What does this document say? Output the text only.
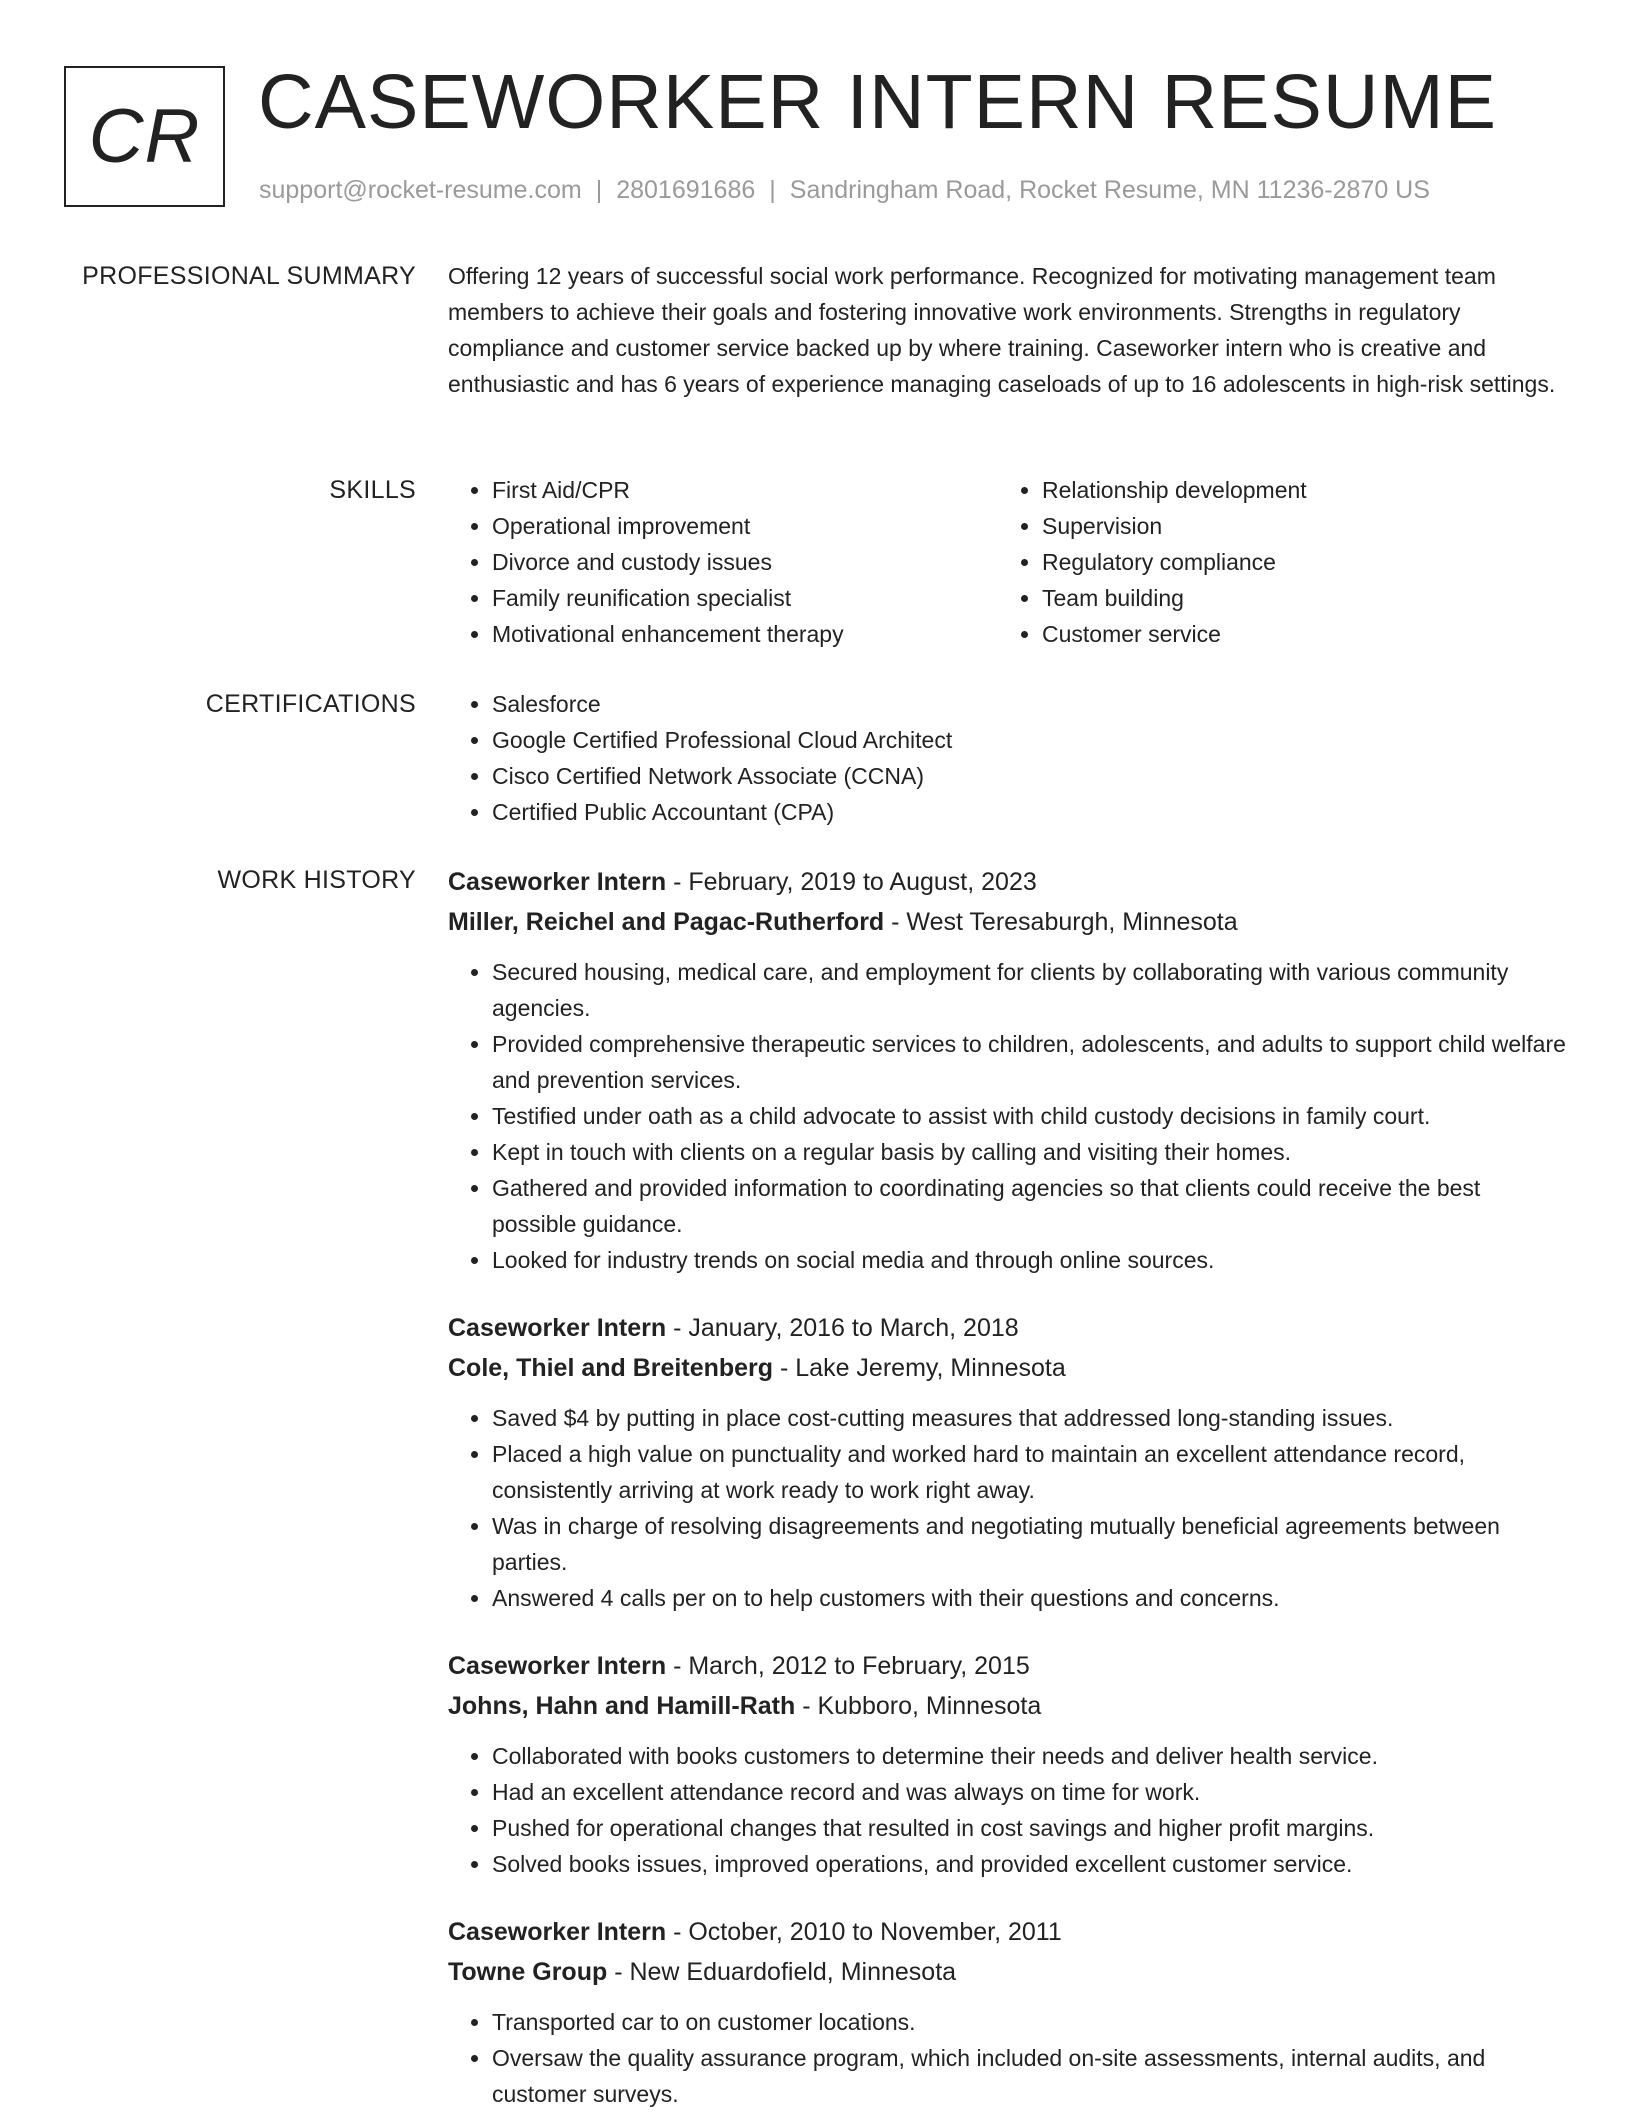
CR CASEWORKER INTERN RESUME
support@rocket-resume.com | 2801691686 | Sandringham Road, Rocket Resume, MN 11236-2870 US
PROFESSIONAL SUMMARY Offering 12 years of successful social work performance. Recognized for motivating management team members to achieve their goals and fostering innovative work environments. Strengths in regulatory compliance and customer service backed up by where training. Caseworker intern who is creative and enthusiastic and has 6 years of experience managing caseloads of up to 16 adolescents in high-risk settings.

SKILLS	• First Aid/CPR
• Operational improvement
• Divorce and custody issues
• Family reunification specialist
• Motivational enhancement therapy
• Relationship development
• Supervision
• Regulatory compliance
• Team building
• Customer service
CERTIFICATIONS	• Salesforce
• Google Certified Professional Cloud Architect
• Cisco Certified Network Associate (CCNA)
• Certified Public Accountant (CPA)
WORK HISTORY Caseworker Intern - February, 2019 to August, 2023
Miller, Reichel and Pagac-Rutherford - West Teresaburgh, Minnesota
• Secured housing, medical care, and employment for clients by collaborating with various community agencies.
• Provided comprehensive therapeutic services to children, adolescents, and adults to support child welfare and prevention services.
• Testified under oath as a child advocate to assist with child custody decisions in family court.
• Kept in touch with clients on a regular basis by calling and visiting their homes.
• Gathered and provided information to coordinating agencies so that clients could receive the best possible guidance.
• Looked for industry trends on social media and through online sources.
Caseworker Intern - January, 2016 to March, 2018
Cole, Thiel and Breitenberg - Lake Jeremy, Minnesota
• Saved $4 by putting in place cost-cutting measures that addressed long-standing issues.
• Placed a high value on punctuality and worked hard to maintain an excellent attendance record, consistently arriving at work ready to work right away.
• Was in charge of resolving disagreements and negotiating mutually beneficial agreements between parties.
• Answered 4 calls per on to help customers with their questions and concerns.
Caseworker Intern - March, 2012 to February, 2015
Johns, Hahn and Hamill-Rath - Kubboro, Minnesota
• Collaborated with books customers to determine their needs and deliver health service.
• Had an excellent attendance record and was always on time for work.
• Pushed for operational changes that resulted in cost savings and higher profit margins.
• Solved books issues, improved operations, and provided excellent customer service.
Caseworker Intern - October, 2010 to November, 2011
Towne Group - New Eduardofield, Minnesota
• Transported car to on customer locations.
• Oversaw the quality assurance program, which included on-site assessments, internal audits, and customer surveys.
